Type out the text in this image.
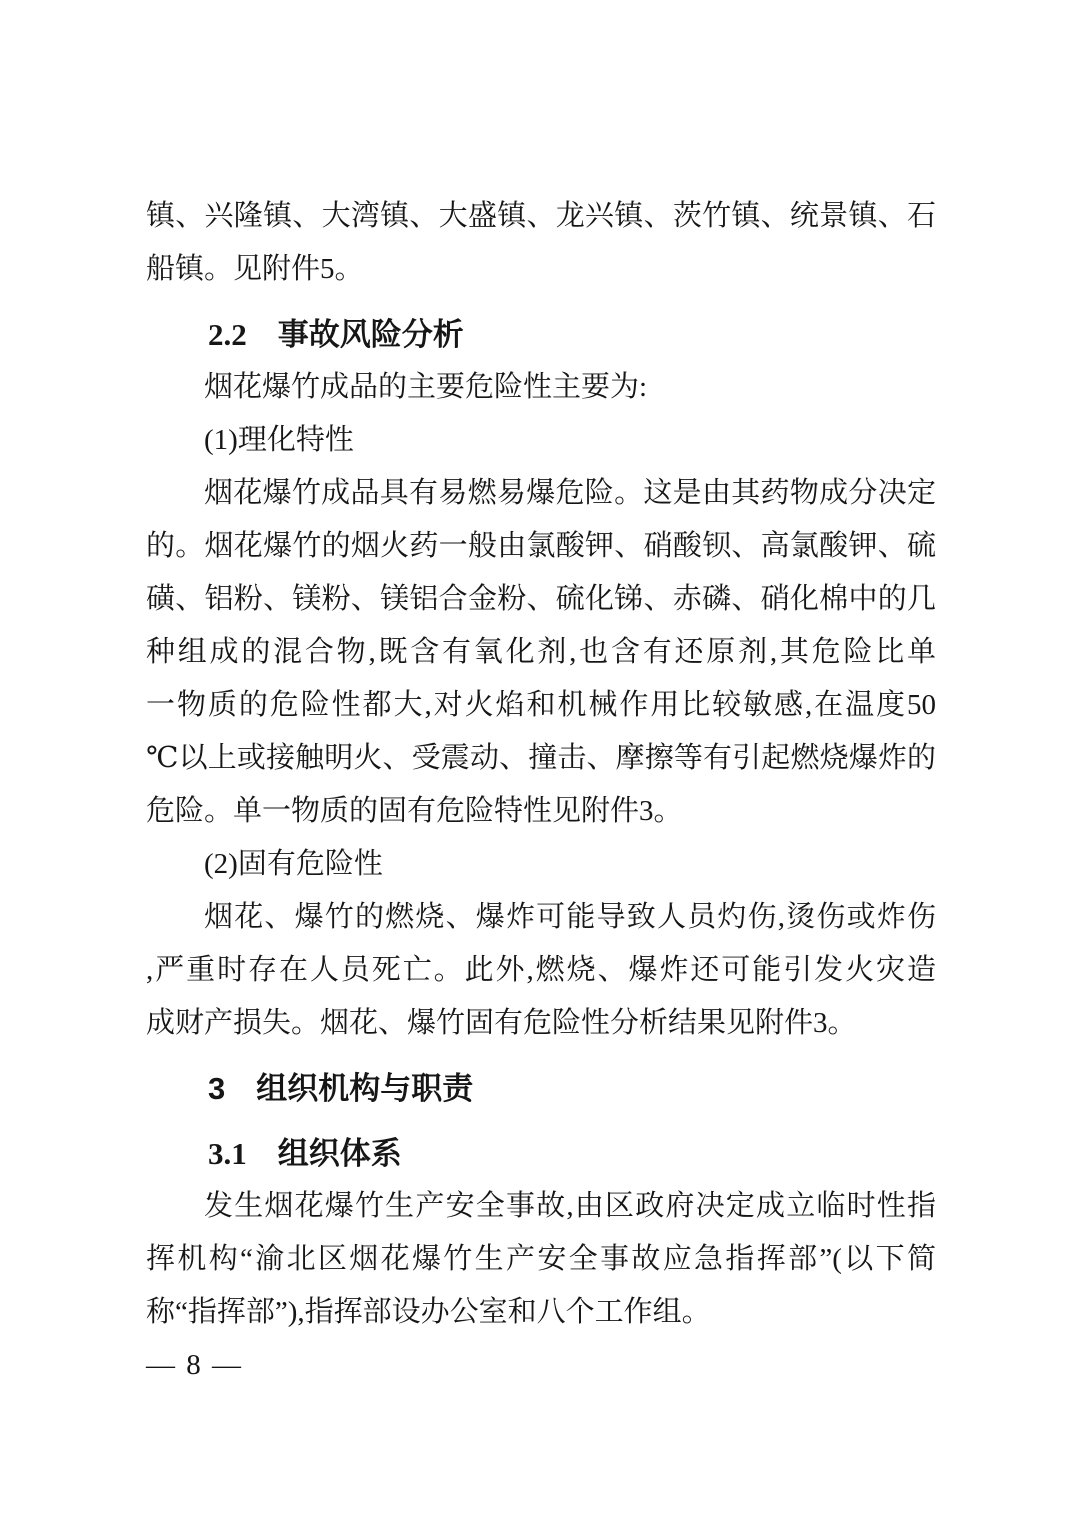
镇、兴隆镇、大湾镇、大盛镇、龙兴镇、茨竹镇、统景镇、石
船镇。见附件5。
2.2　事故风险分析
烟花爆竹成品的主要危险性主要为:
(1)理化特性
烟花爆竹成品具有易燃易爆危险。这是由其药物成分决定
的。烟花爆竹的烟火药一般由氯酸钾、硝酸钡、高氯酸钾、硫
磺、铝粉、镁粉、镁铝合金粉、硫化锑、赤磷、硝化棉中的几
种组成的混合物,既含有氧化剂,也含有还原剂,其危险比单
一物质的危险性都大,对火焰和机械作用比较敏感,在温度50
℃以上或接触明火、受震动、撞击、摩擦等有引起燃烧爆炸的
危险。单一物质的固有危险特性见附件3。
(2)固有危险性
烟花、爆竹的燃烧、爆炸可能导致人员灼伤,烫伤或炸伤
,严重时存在人员死亡。此外,燃烧、爆炸还可能引发火灾造
成财产损失。烟花、爆竹固有危险性分析结果见附件3。
3　组织机构与职责
3.1　组织体系
发生烟花爆竹生产安全事故,由区政府决定成立临时性指
挥机构“渝北区烟花爆竹生产安全事故应急指挥部”(以下简
称“指挥部”),指挥部设办公室和八个工作组。
— 8 —
